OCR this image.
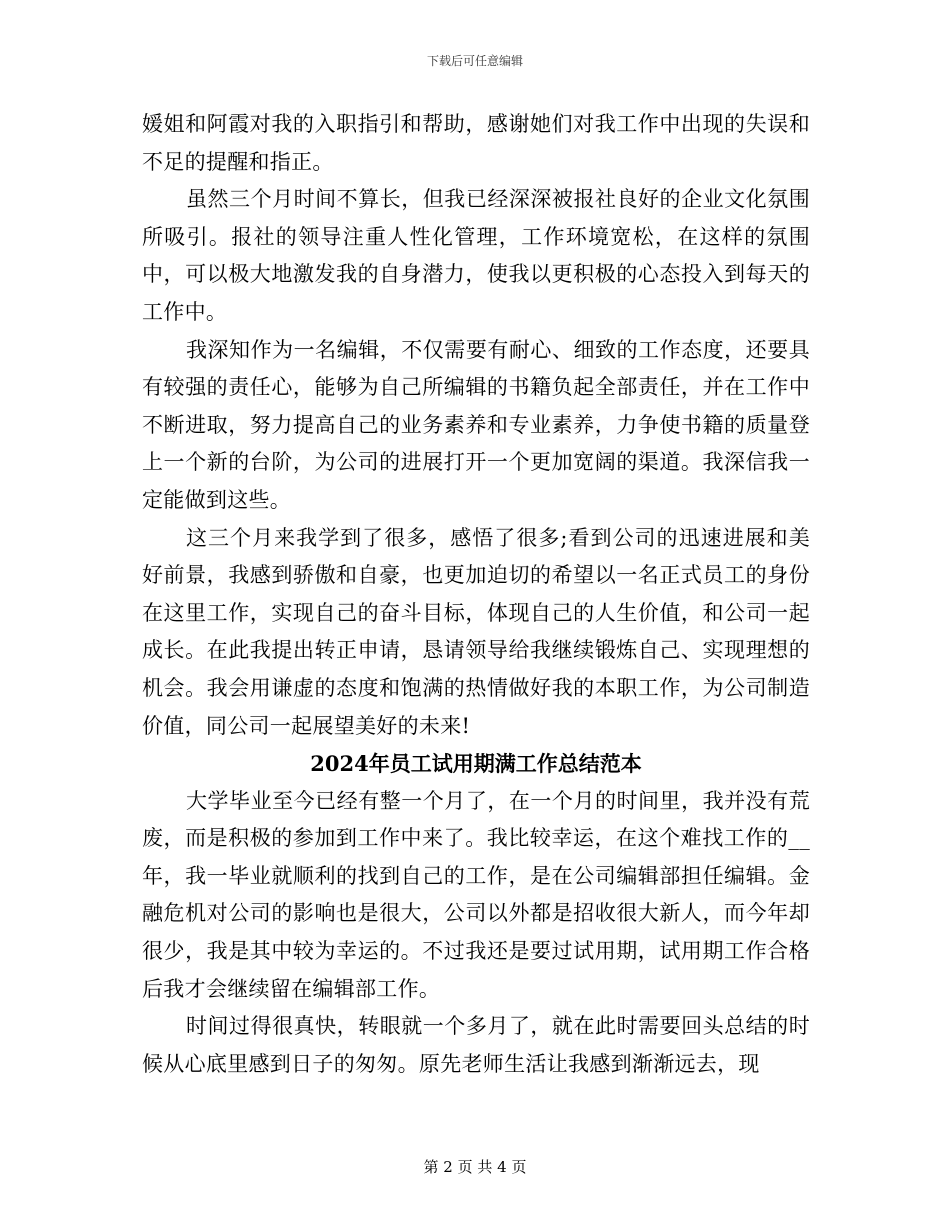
下载后可任意编辑

媛姐和阿霞对我的入职指引和帮助，感谢她们对我工作中出现的失误和不足的提醒和指正。

虽然三个月时间不算长，但我已经深深被报社良好的企业文化氛围所吸引。报社的领导注重人性化管理，工作环境宽松，在这样的氛围中，可以极大地激发我的自身潜力，使我以更积极的心态投入到每天的工作中。

我深知作为一名编辑，不仅需要有耐心、细致的工作态度，还要具有较强的责任心，能够为自己所编辑的书籍负起全部责任，并在工作中不断进取，努力提高自己的业务素养和专业素养，力争使书籍的质量登上一个新的台阶，为公司的进展打开一个更加宽阔的渠道。我深信我一定能做到这些。

这三个月来我学到了很多，感悟了很多;看到公司的迅速进展和美好前景，我感到骄傲和自豪，也更加迫切的希望以一名正式员工的身份在这里工作，实现自己的奋斗目标，体现自己的人生价值，和公司一起成长。在此我提出转正申请，恳请领导给我继续锻炼自己、实现理想的机会。我会用谦虚的态度和饱满的热情做好我的本职工作，为公司制造价值，同公司一起展望美好的未来!

2024年员工试用期满工作总结范本

大学毕业至今已经有整一个月了，在一个月的时间里，我并没有荒废，而是积极的参加到工作中来了。我比较幸运，在这个难找工作的__年，我一毕业就顺利的找到自己的工作，是在公司编辑部担任编辑。金融危机对公司的影响也是很大，公司以外都是招收很大新人，而今年却很少，我是其中较为幸运的。不过我还是要过试用期，试用期工作合格后我才会继续留在编辑部工作。

时间过得很真快，转眼就一个多月了，就在此时需要回头总结的时候从心底里感到日子的匆匆。原先老师生活让我感到渐渐远去，现

第 2 页 共 4 页
